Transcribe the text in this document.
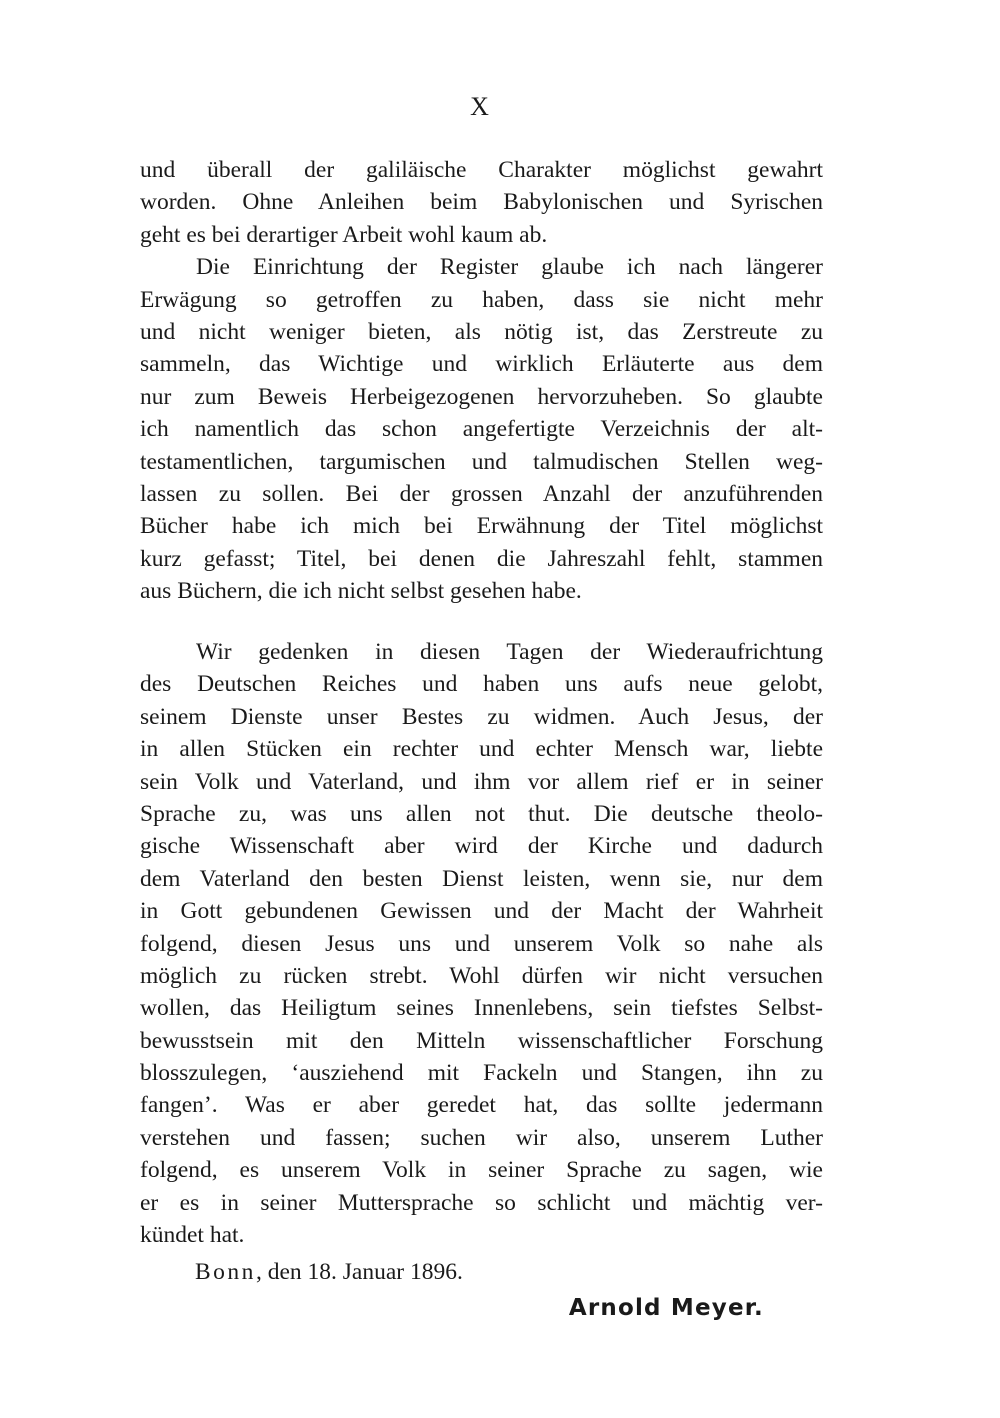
X
und überall der galiläische Charakter möglichst gewahrt
worden. Ohne Anleihen beim Babylonischen und Syrischen
geht es bei derartiger Arbeit wohl kaum ab.
Die Einrichtung der Register glaube ich nach längerer
Erwägung so getroffen zu haben, dass sie nicht mehr
und nicht weniger bieten, als nötig ist, das Zerstreute zu
sammeln, das Wichtige und wirklich Erläuterte aus dem
nur zum Beweis Herbeigezogenen hervorzuheben. So glaubte
ich namentlich das schon angefertigte Verzeichnis der alt-
testamentlichen, targumischen und talmudischen Stellen weg-
lassen zu sollen. Bei der grossen Anzahl der anzuführenden
Bücher habe ich mich bei Erwähnung der Titel möglichst
kurz gefasst; Titel, bei denen die Jahreszahl fehlt, stammen
aus Büchern, die ich nicht selbst gesehen habe.
Wir gedenken in diesen Tagen der Wiederaufrichtung
des Deutschen Reiches und haben uns aufs neue gelobt,
seinem Dienste unser Bestes zu widmen. Auch Jesus, der
in allen Stücken ein rechter und echter Mensch war, liebte
sein Volk und Vaterland, und ihm vor allem rief er in seiner
Sprache zu, was uns allen not thut. Die deutsche theolo-
gische Wissenschaft aber wird der Kirche und dadurch
dem Vaterland den besten Dienst leisten, wenn sie, nur dem
in Gott gebundenen Gewissen und der Macht der Wahrheit
folgend, diesen Jesus uns und unserem Volk so nahe als
möglich zu rücken strebt. Wohl dürfen wir nicht versuchen
wollen, das Heiligtum seines Innenlebens, sein tiefstes Selbst-
bewusstsein mit den Mitteln wissenschaftlicher Forschung
blosszulegen, ‘ausziehend mit Fackeln und Stangen, ihn zu
fangen’. Was er aber geredet hat, das sollte jedermann
verstehen und fassen; suchen wir also, unserem Luther
folgend, es unserem Volk in seiner Sprache zu sagen, wie
er es in seiner Muttersprache so schlicht und mächtig ver-
kündet hat.
Bonn, den 18. Januar 1896.
Arnold Meyer.
